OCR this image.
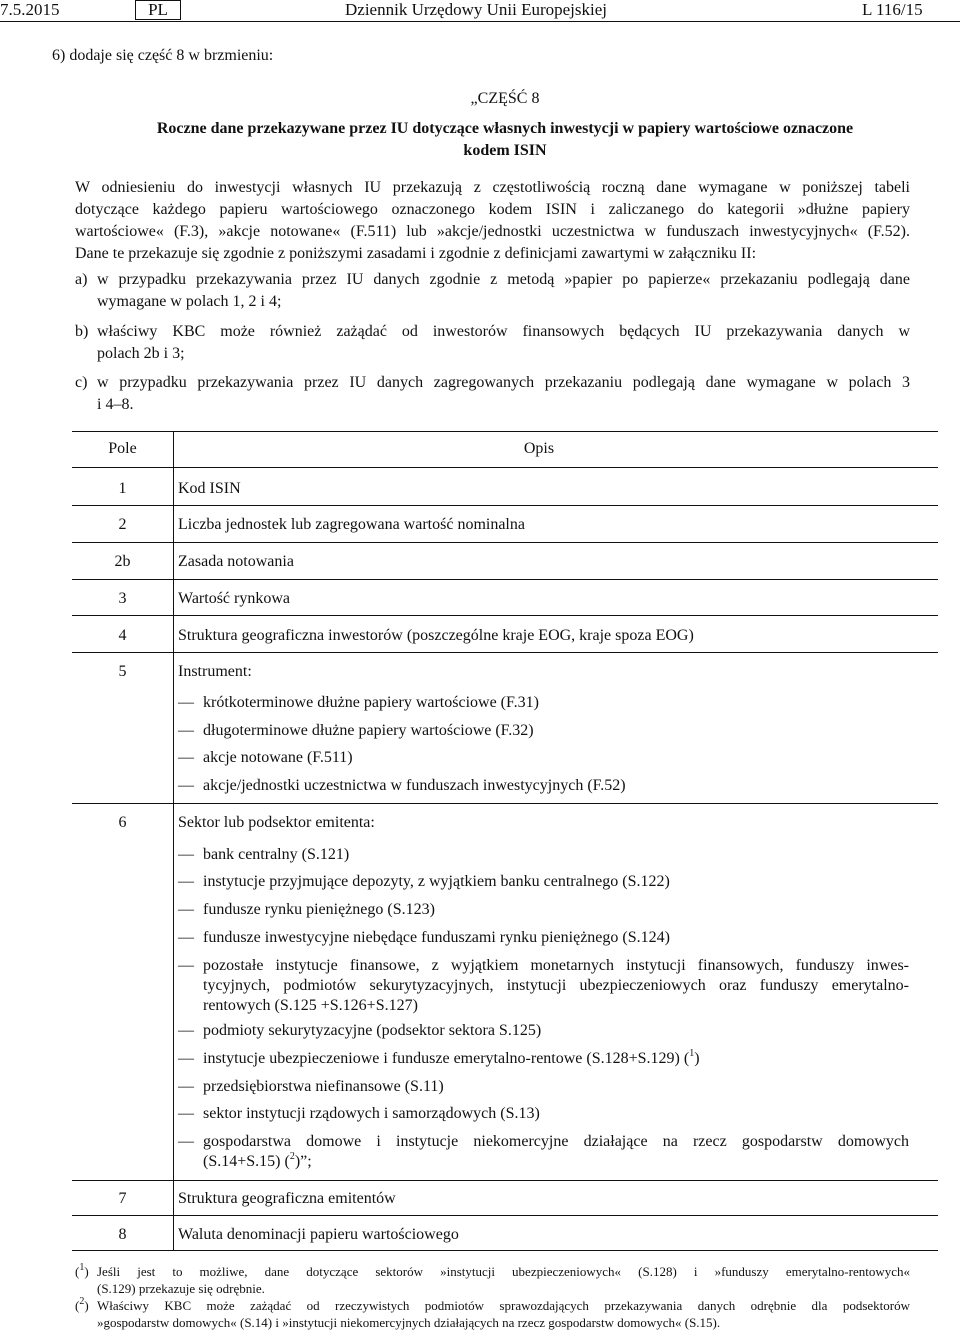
7.5.2015	PL	Dziennik Urzędowy Unii Europejskiej	L 116/15
6) dodaje się część 8 w brzmieniu:
„CZĘŚĆ 8
Roczne dane przekazywane przez IU dotyczące własnych inwestycji w papiery wartościowe oznaczone
kodem ISIN
W odniesieniu do inwestycji własnych IU przekazują z częstotliwością roczną dane wymagane w poniższej tabeli
dotyczące każdego papieru wartościowego oznaczonego kodem ISIN i zaliczanego do kategorii »dłużne papiery
wartościowe« (F.3), »akcje notowane« (F.511) lub »akcje/jednostki uczestnictwa w funduszach inwestycyjnych« (F.52).
Dane te przekazuje się zgodnie z poniższymi zasadami i zgodnie z definicjami zawartymi w załączniku II:
a) w przypadku przekazywania przez IU danych zgodnie z metodą »papier po papierze« przekazaniu podlegają dane
wymagane w polach 1, 2 i 4;
b) właściwy KBC może również zażądać od inwestorów finansowych będących IU przekazywania danych w
polach 2b i 3;
c) w przypadku przekazywania przez IU danych zagregowanych przekazaniu podlegają dane wymagane w polach 3
i 4–8.
Pole	Opis
1	Kod ISIN
2	Liczba jednostek lub zagregowana wartość nominalna
2b	Zasada notowania
3	Wartość rynkowa
4	Struktura geograficzna inwestorów (poszczególne kraje EOG, kraje spoza EOG)
5	Instrument:
— krótkoterminowe dłużne papiery wartościowe (F.31)
— długoterminowe dłużne papiery wartościowe (F.32)
— akcje notowane (F.511)
— akcje/jednostki uczestnictwa w funduszach inwestycyjnych (F.52)
6	Sektor lub podsektor emitenta:
— bank centralny (S.121)
— instytucje przyjmujące depozyty, z wyjątkiem banku centralnego (S.122)
— fundusze rynku pieniężnego (S.123)
— fundusze inwestycyjne niebędące funduszami rynku pieniężnego (S.124)
— pozostałe instytucje finansowe, z wyjątkiem monetarnych instytucji finansowych, funduszy inwes-
tycyjnych, podmiotów sekurytyzacyjnych, instytucji ubezpieczeniowych oraz funduszy emerytalno-
rentowych (S.125 +S.126+S.127)
— podmioty sekurytyzacyjne (podsektor sektora S.125)
— instytucje ubezpieczeniowe i fundusze emerytalno-rentowe (S.128+S.129) ($^1$)
— przedsiębiorstwa niefinansowe (S.11)
— sektor instytucji rządowych i samorządowych (S.13)
— gospodarstwa domowe i instytucje niekomercyjne działające na rzecz gospodarstw domowych
(S.14+S.15) ($^2$)”;
7	Struktura geograficzna emitentów
8	Waluta denominacji papieru wartościowego
($^1$) Jeśli jest to możliwe, dane dotyczące sektorów »instytucji ubezpieczeniowych« (S.128) i »funduszy emerytalno-rentowych«
(S.129) przekazuje się odrębnie.
($^2$) Właściwy KBC może zażądać od rzeczywistych podmiotów sprawozdających przekazywania danych odrębnie dla podsektorów
»gospodarstw domowych« (S.14) i »instytucji niekomercyjnych działających na rzecz gospodarstw domowych« (S.15).
